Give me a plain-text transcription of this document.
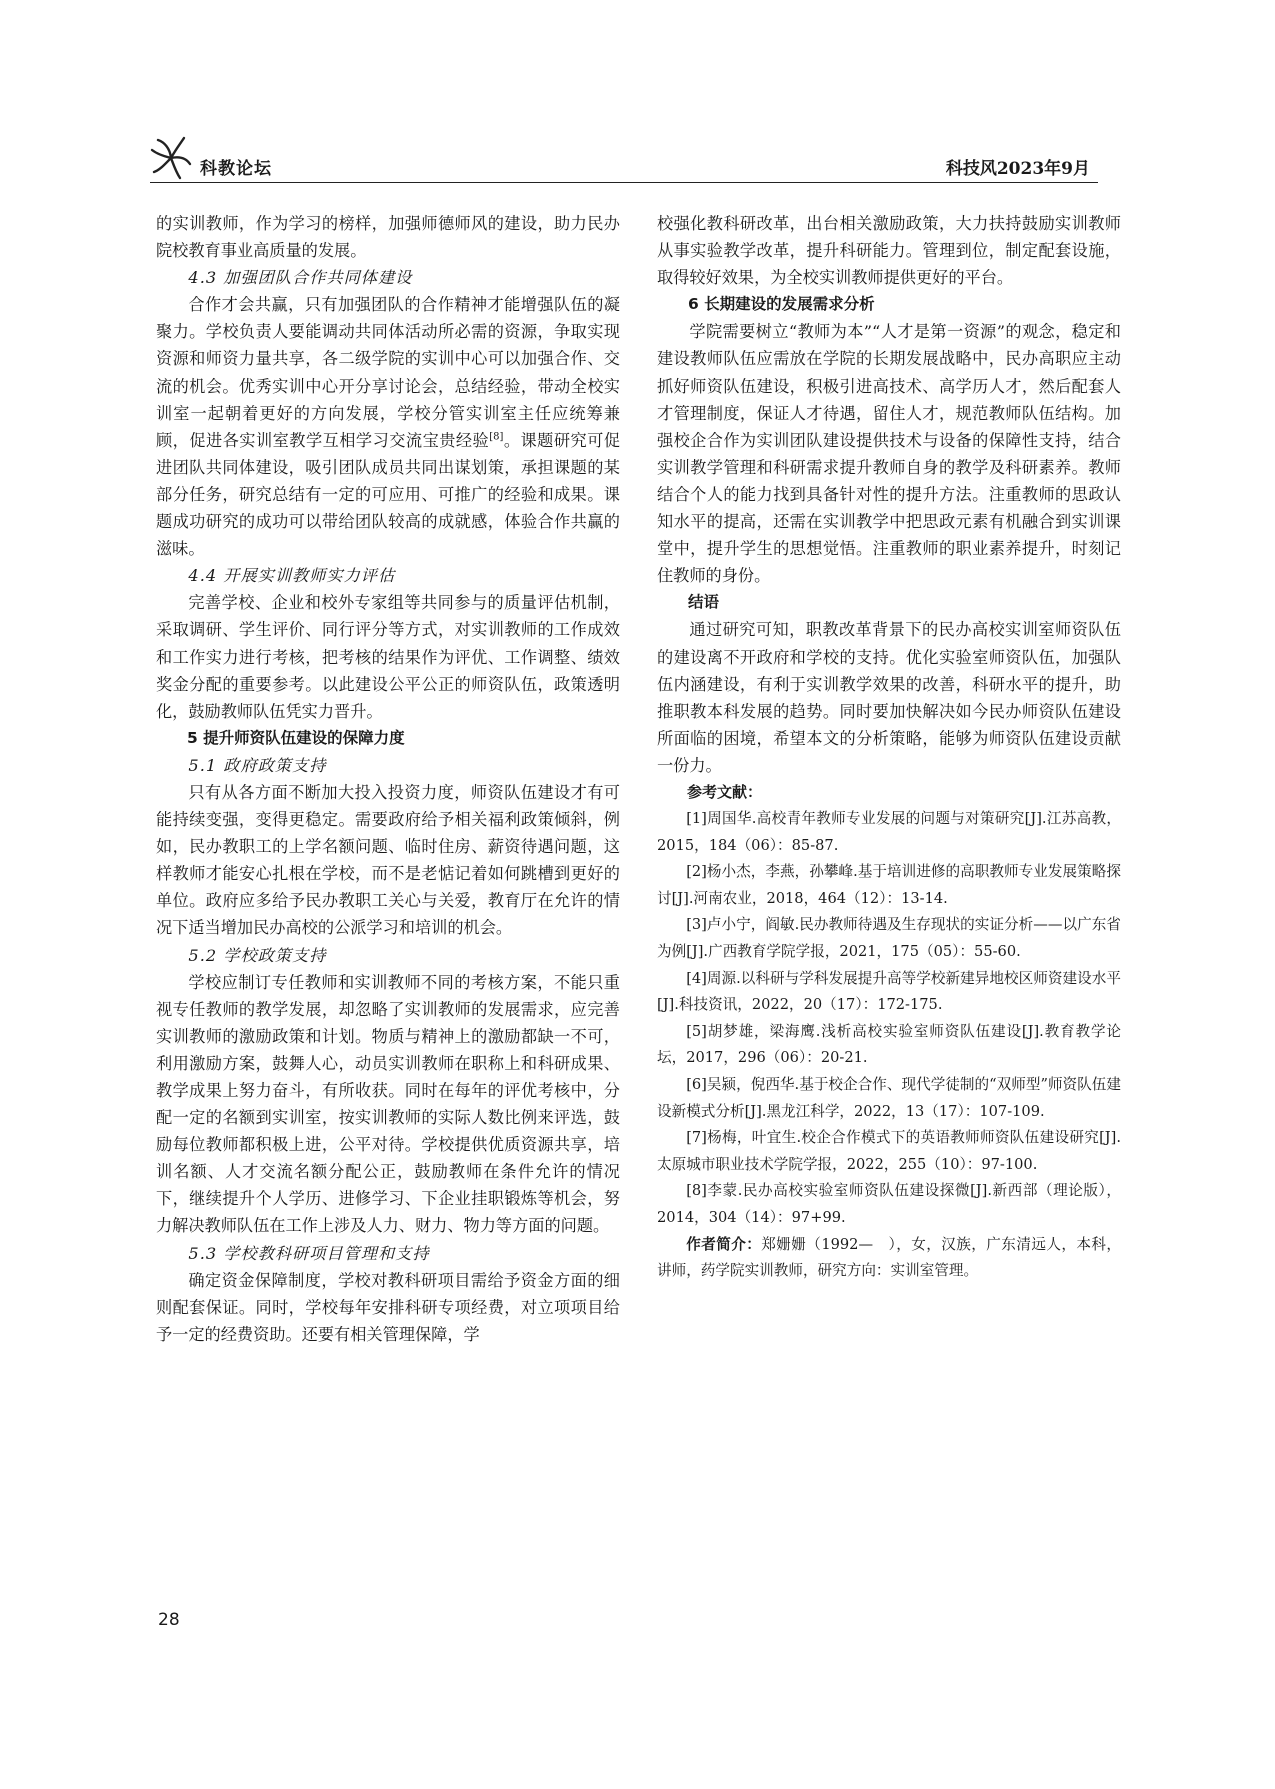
科教论坛	科技风2023年9月

的实训教师，作为学习的榜样，加强师德师风的建设，助力民办院校教育事业高质量的发展。

4.3 加强团队合作共同体建设

合作才会共赢，只有加强团队的合作精神才能增强队伍的凝聚力。学校负责人要能调动共同体活动所必需的资源，争取实现资源和师资力量共享，各二级学院的实训中心可以加强合作、交流的机会。优秀实训中心开分享讨论会，总结经验，带动全校实训室一起朝着更好的方向发展，学校分管实训室主任应统筹兼顾，促进各实训室教学互相学习交流宝贵经验[8]。课题研究可促进团队共同体建设，吸引团队成员共同出谋划策，承担课题的某部分任务，研究总结有一定的可应用、可推广的经验和成果。课题成功研究的成功可以带给团队较高的成就感，体验合作共赢的滋味。

4.4 开展实训教师实力评估

完善学校、企业和校外专家组等共同参与的质量评估机制，采取调研、学生评价、同行评分等方式，对实训教师的工作成效和工作实力进行考核，把考核的结果作为评优、工作调整、绩效奖金分配的重要参考。以此建设公平公正的师资队伍，政策透明化，鼓励教师队伍凭实力晋升。

5 提升师资队伍建设的保障力度

5.1 政府政策支持

只有从各方面不断加大投入投资力度，师资队伍建设才有可能持续变强，变得更稳定。需要政府给予相关福利政策倾斜，例如，民办教职工的上学名额问题、临时住房、薪资待遇问题，这样教师才能安心扎根在学校，而不是老惦记着如何跳槽到更好的单位。政府应多给予民办教职工关心与关爱，教育厅在允许的情况下适当增加民办高校的公派学习和培训的机会。

5.2 学校政策支持

学校应制订专任教师和实训教师不同的考核方案，不能只重视专任教师的教学发展，却忽略了实训教师的发展需求，应完善实训教师的激励政策和计划。物质与精神上的激励都缺一不可，利用激励方案，鼓舞人心，动员实训教师在职称上和科研成果、教学成果上努力奋斗，有所收获。同时在每年的评优考核中，分配一定的名额到实训室，按实训教师的实际人数比例来评选，鼓励每位教师都积极上进，公平对待。学校提供优质资源共享，培训名额、人才交流名额分配公正，鼓励教师在条件允许的情况下，继续提升个人学历、进修学习、下企业挂职锻炼等机会，努力解决教师队伍在工作上涉及人力、财力、物力等方面的问题。

5.3 学校教科研项目管理和支持

确定资金保障制度，学校对教科研项目需给予资金方面的细则配套保证。同时，学校每年安排科研专项经费，对立项项目给予一定的经费资助。还要有相关管理保障，学

校强化教科研改革，出台相关激励政策，大力扶持鼓励实训教师从事实验教学改革，提升科研能力。管理到位，制定配套设施，取得较好效果，为全校实训教师提供更好的平台。

6 长期建设的发展需求分析

学院需要树立“教师为本”“人才是第一资源”的观念，稳定和建设教师队伍应需放在学院的长期发展战略中，民办高职应主动抓好师资队伍建设，积极引进高技术、高学历人才，然后配套人才管理制度，保证人才待遇，留住人才，规范教师队伍结构。加强校企合作为实训团队建设提供技术与设备的保障性支持，结合实训教学管理和科研需求提升教师自身的教学及科研素养。教师结合个人的能力找到具备针对性的提升方法。注重教师的思政认知水平的提高，还需在实训教学中把思政元素有机融合到实训课堂中，提升学生的思想觉悟。注重教师的职业素养提升，时刻记住教师的身份。

结语

通过研究可知，职教改革背景下的民办高校实训室师资队伍的建设离不开政府和学校的支持。优化实验室师资队伍，加强队伍内涵建设，有利于实训教学效果的改善，科研水平的提升，助推职教本科发展的趋势。同时要加快解决如今民办师资队伍建设所面临的困境，希望本文的分析策略，能够为师资队伍建设贡献一份力。

参考文献：

[1]周国华.高校青年教师专业发展的问题与对策研究[J].江苏高教，2015，184（06）：85-87.

[2]杨小杰，李燕，孙攀峰.基于培训进修的高职教师专业发展策略探讨[J].河南农业，2018，464（12）：13-14.

[3]卢小宁，阎敏.民办教师待遇及生存现状的实证分析——以广东省为例[J].广西教育学院学报，2021，175（05）：55-60.

[4]周源.以科研与学科发展提升高等学校新建异地校区师资建设水平[J].科技资讯，2022，20（17）：172-175.

[5]胡梦雄，梁海鹰.浅析高校实验室师资队伍建设[J].教育教学论坛，2017，296（06）：20-21.

[6]吴颍，倪西华.基于校企合作、现代学徒制的“双师型”师资队伍建设新模式分析[J].黑龙江科学，2022，13（17）：107-109.

[7]杨梅，叶宜生.校企合作模式下的英语教师师资队伍建设研究[J].太原城市职业技术学院学报，2022，255（10）：97-100.

[8]李蒙.民办高校实验室师资队伍建设探微[J].新西部（理论版），2014，304（14）：97+99.

作者简介：郑姗姗（1992—　），女，汉族，广东清远人，本科，讲师，药学院实训教师，研究方向：实训室管理。

28
